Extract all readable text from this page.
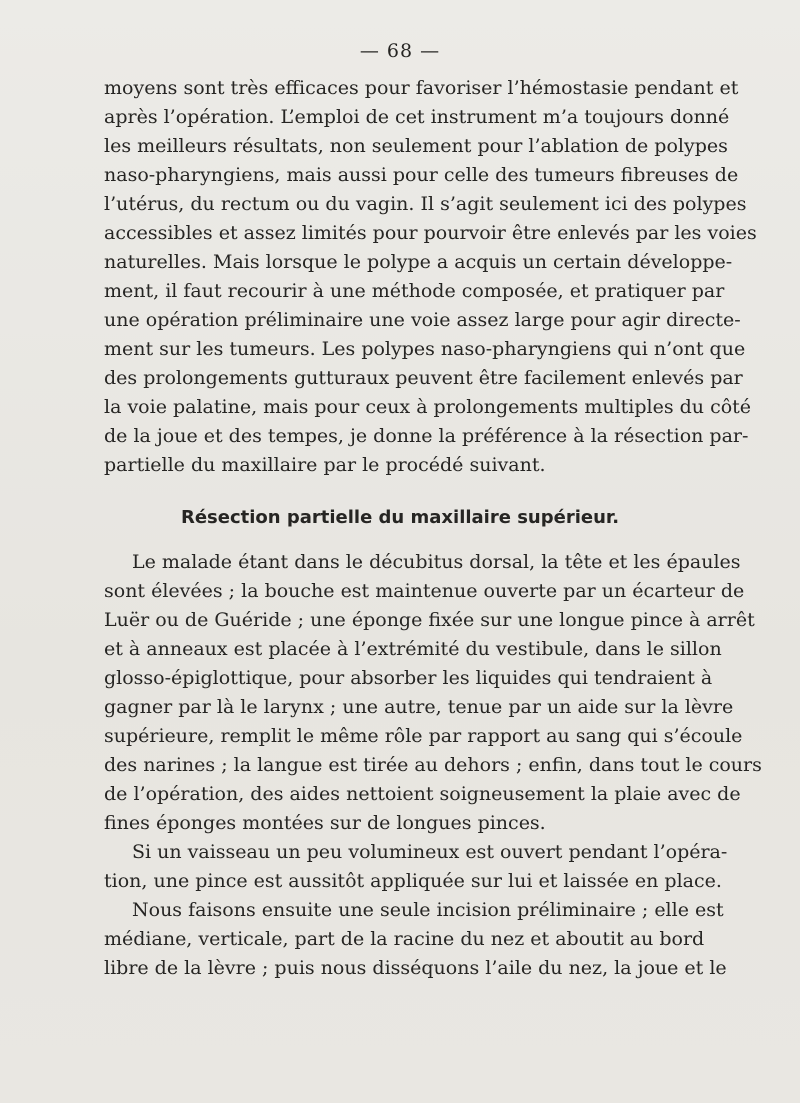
— 68 —
moyens sont très efficaces pour favoriser l’hémostasie pendant et
après l’opération. L’emploi de cet instrument m’a toujours donné
les meilleurs résultats, non seulement pour l’ablation de polypes
naso-pharyngiens, mais aussi pour celle des tumeurs fibreuses de
l’utérus, du rectum ou du vagin. Il s’agit seulement ici des polypes
accessibles et assez limités pour pourvoir être enlevés par les voies
naturelles. Mais lorsque le polype a acquis un certain développe-
ment, il faut recourir à une méthode composée, et pratiquer par
une opération préliminaire une voie assez large pour agir directe-
ment sur les tumeurs. Les polypes naso-pharyngiens qui n’ont que
des prolongements gutturaux peuvent être facilement enlevés par
la voie palatine, mais pour ceux à prolongements multiples du côté
de la joue et des tempes, je donne la préférence à la résection par-
partielle du maxillaire par le procédé suivant.
Résection partielle du maxillaire supérieur.
Le malade étant dans le décubitus dorsal, la tête et les épaules
sont élevées ; la bouche est maintenue ouverte par un écarteur de
Luër ou de Guéride ; une éponge fixée sur une longue pince à arrêt
et à anneaux est placée à l’extrémité du vestibule, dans le sillon
glosso-épiglottique, pour absorber les liquides qui tendraient à
gagner par là le larynx ; une autre, tenue par un aide sur la lèvre
supérieure, remplit le même rôle par rapport au sang qui s’écoule
des narines ; la langue est tirée au dehors ; enfin, dans tout le cours
de l’opération, des aides nettoient soigneusement la plaie avec de
fines éponges montées sur de longues pinces.
Si un vaisseau un peu volumineux est ouvert pendant l’opéra-
tion, une pince est aussitôt appliquée sur lui et laissée en place.
Nous faisons ensuite une seule incision préliminaire ; elle est
médiane, verticale, part de la racine du nez et aboutit au bord
libre de la lèvre ; puis nous disséquons l’aile du nez, la joue et le
